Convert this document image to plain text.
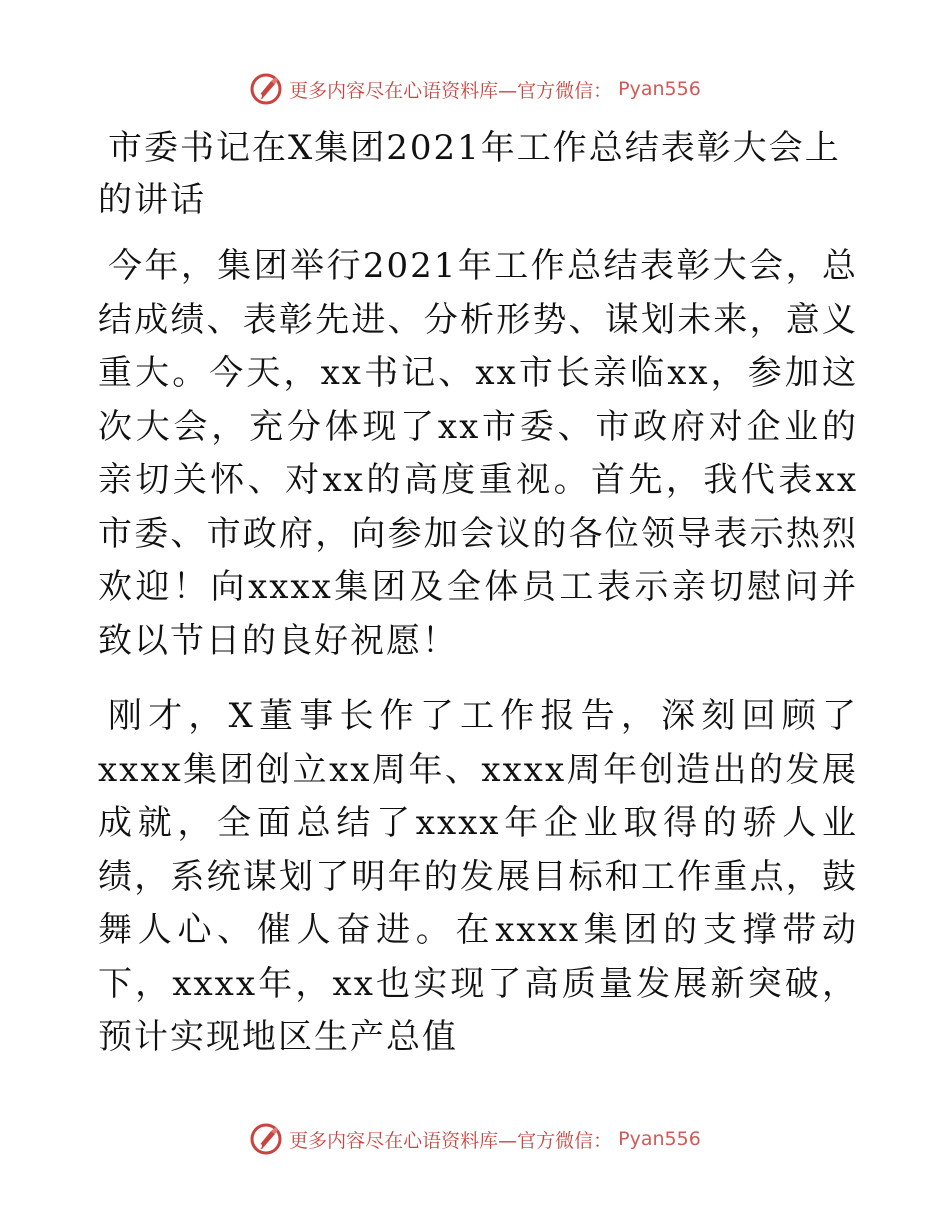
更多内容尽在心语资料库—官方微信： Pyan556
市委书记在X集团2021年工作总结表彰大会上的讲话

今年，集团举行2021年工作总结表彰大会，总结成绩、表彰先进、分析形势、谋划未来，意义重大。今天，xx书记、xx市长亲临xx，参加这次大会，充分体现了xx市委、市政府对企业的亲切关怀、对xx的高度重视。首先，我代表xx市委、市政府，向参加会议的各位领导表示热烈欢迎！向xxxx集团及全体员工表示亲切慰问并致以节日的良好祝愿！

刚才，X董事长作了工作报告，深刻回顾了xxxx集团创立xx周年、xxxx周年创造出的发展成就，全面总结了xxxx年企业取得的骄人业绩，系统谋划了明年的发展目标和工作重点，鼓舞人心、催人奋进。在xxxx集团的支撑带动下，xxxx年，xx也实现了高质量发展新突破，预计实现地区生产总值

更多内容尽在心语资料库—官方微信： Pyan556
